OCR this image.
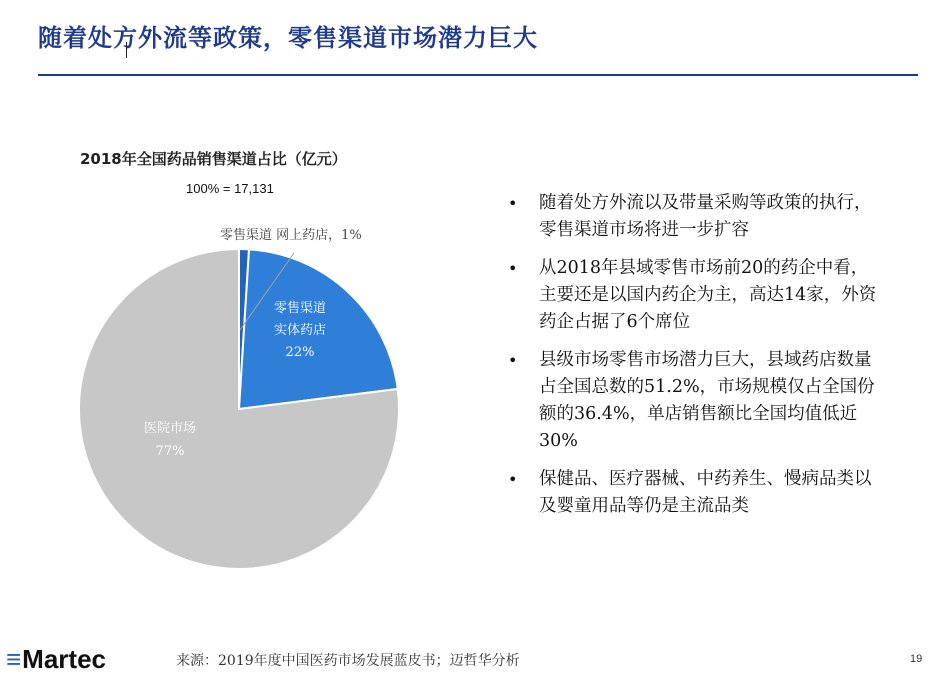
随着处方外流等政策，零售渠道市场潜力巨大
2018年全国药品销售渠道占比（亿元）
100% = 17,131
零售渠道 网上药店，1%
零售渠道
实体药店
22%
医院市场
77%
• 随着处方外流以及带量采购等政策的执行，零售渠道市场将进一步扩容
• 从2018年县域零售市场前20的药企中看，主要还是以国内药企为主，高达14家，外资药企占据了6个席位
• 县级市场零售市场潜力巨大，县域药店数量占全国总数的51.2%，市场规模仅占全国份额的36.4%，单店销售额比全国均值低近30%
• 保健品、医疗器械、中药养生、慢病品类以及婴童用品等仍是主流品类
≡Martec	来源：2019年度中国医药市场发展蓝皮书；迈哲华分析	19
